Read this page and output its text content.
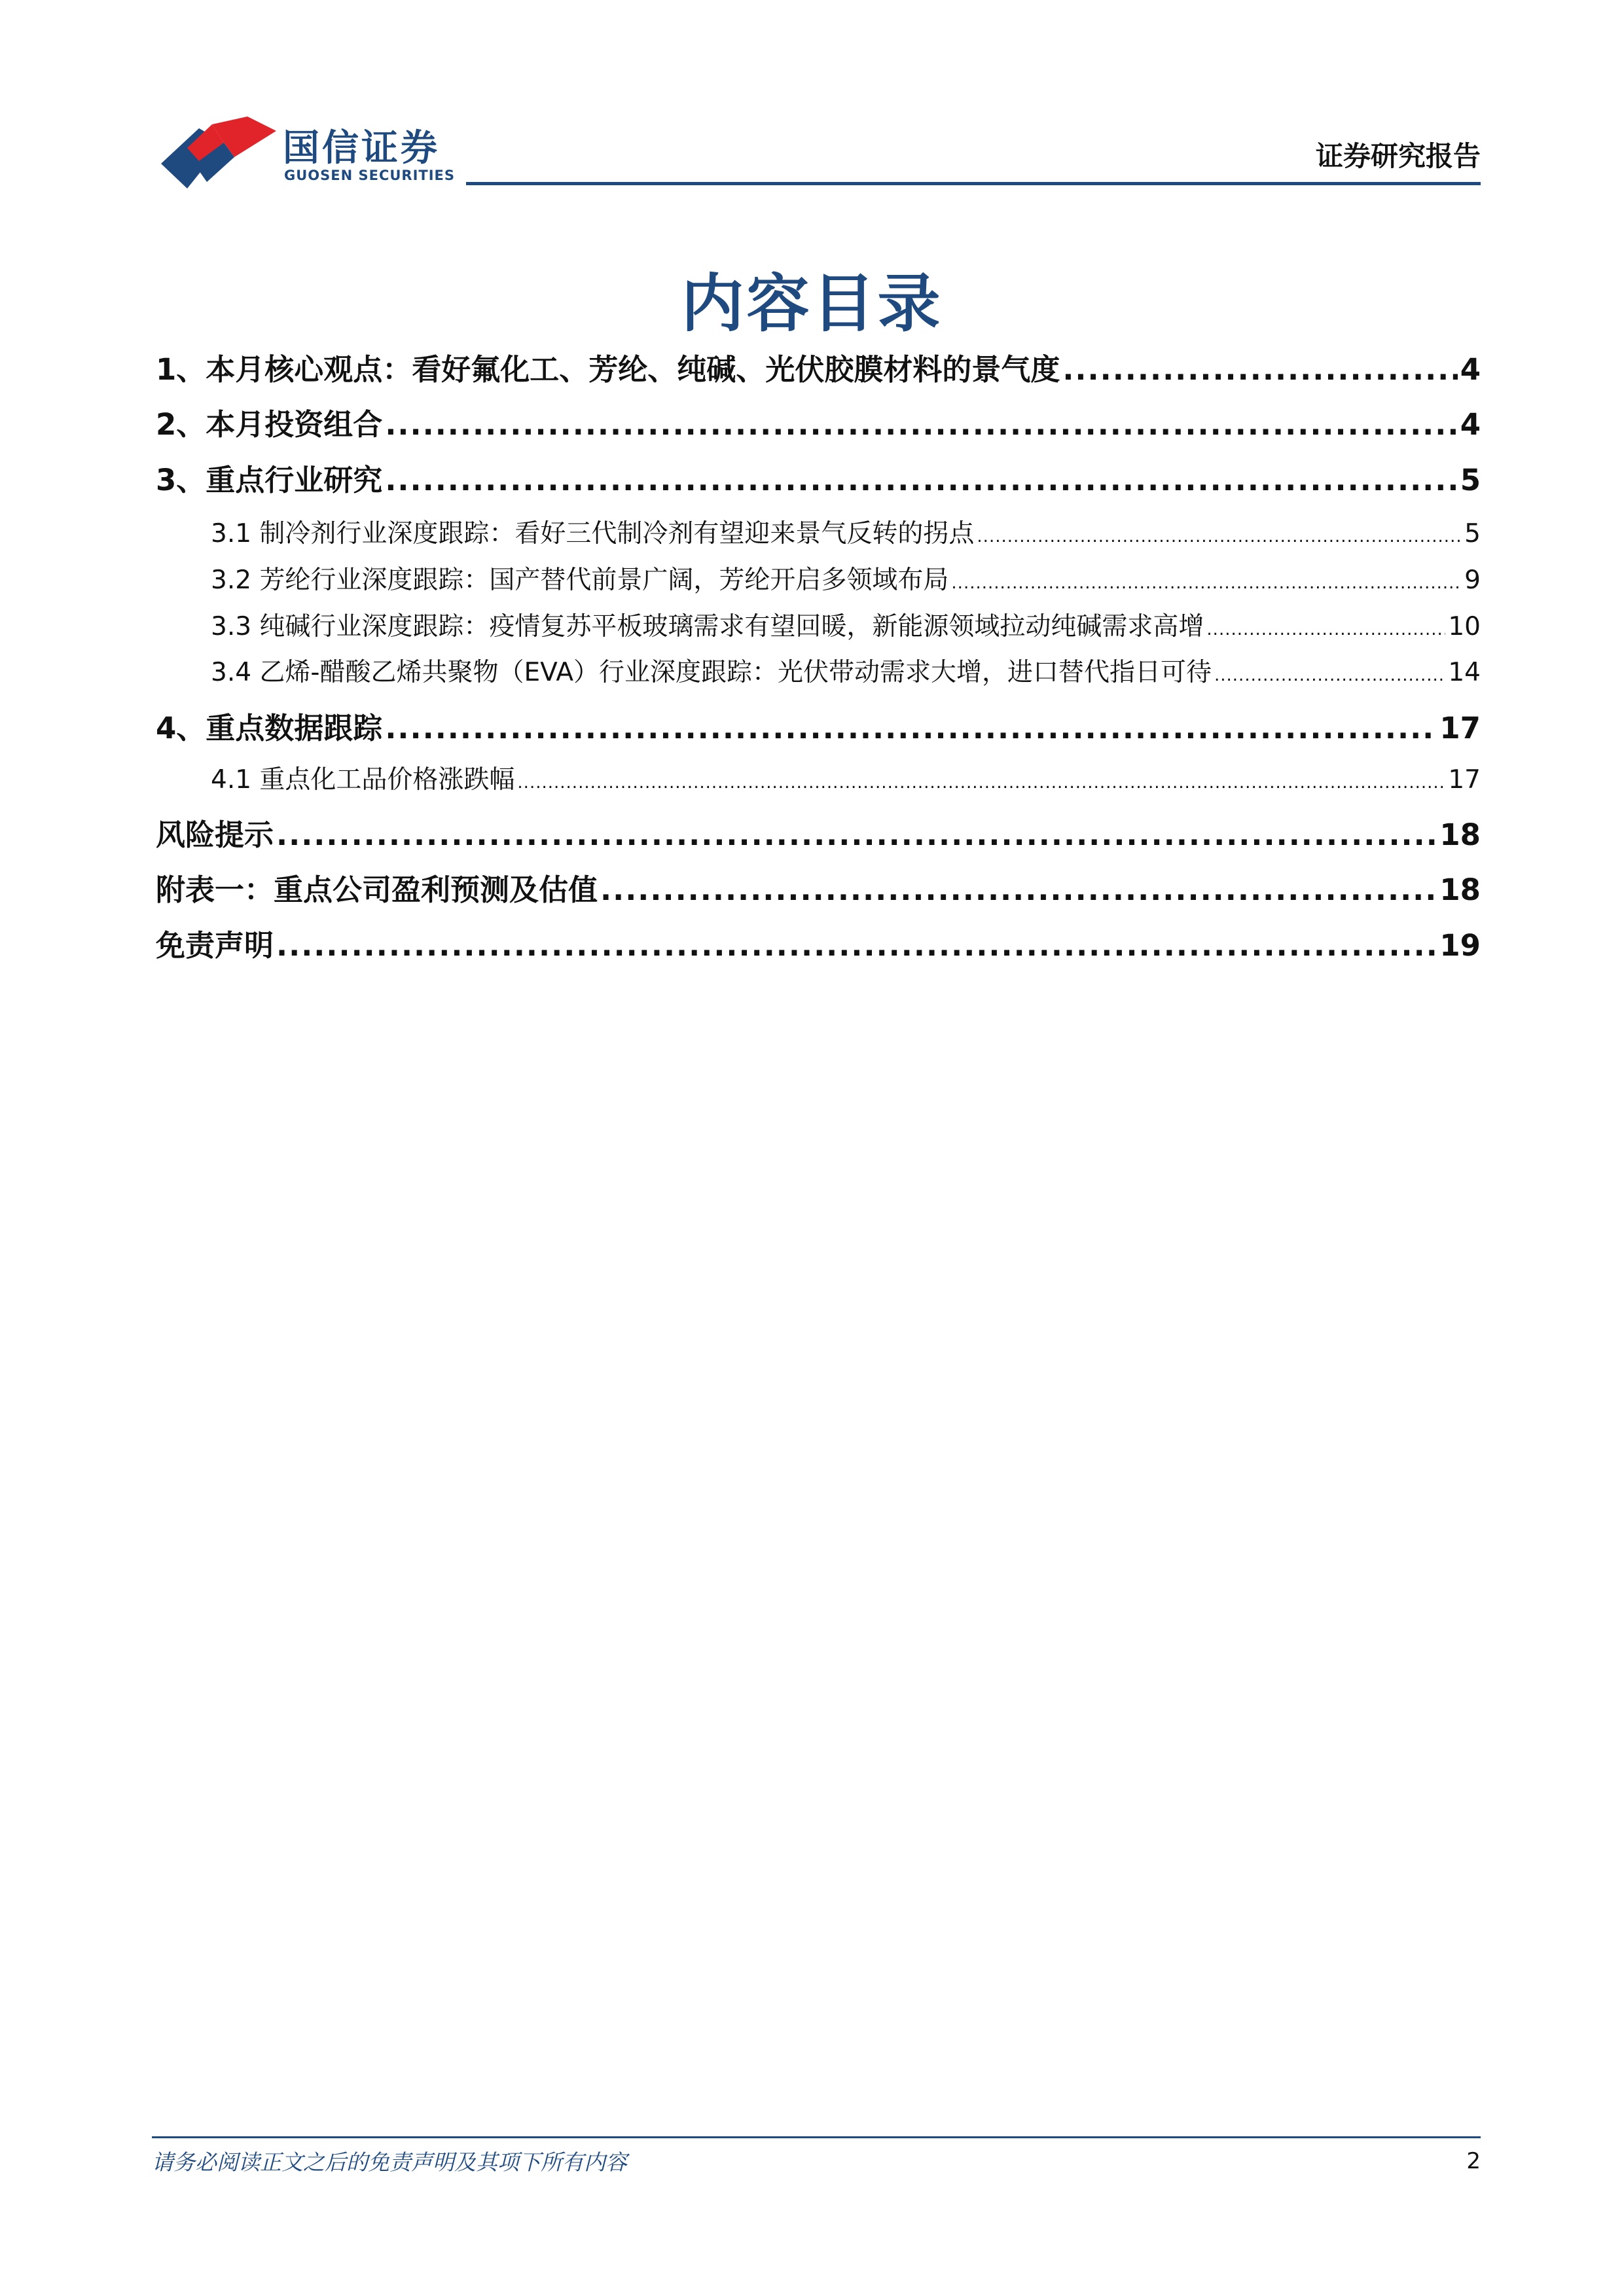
国信证券
GUOSEN SECURITIES
证券研究报告
内容目录
1、本月核心观点：看好氟化工、芳纶、纯碱、光伏胶膜材料的景气度 .....	4
2、本月投资组合 .....	4
3、重点行业研究 .....	5
3.1 制冷剂行业深度跟踪：看好三代制冷剂有望迎来景气反转的拐点 .....	5
3.2 芳纶行业深度跟踪：国产替代前景广阔，芳纶开启多领域布局 .....	9
3.3 纯碱行业深度跟踪：疫情复苏平板玻璃需求有望回暖，新能源领域拉动纯碱需求高增 .....	10
3.4 乙烯-醋酸乙烯共聚物（EVA）行业深度跟踪：光伏带动需求大增，进口替代指日可待 .....	14
4、重点数据跟踪 .....	17
4.1 重点化工品价格涨跌幅 .....	17
风险提示 .....	18
附表一：重点公司盈利预测及估值 .....	18
免责声明 .....	19
请务必阅读正文之后的免责声明及其项下所有内容	2
